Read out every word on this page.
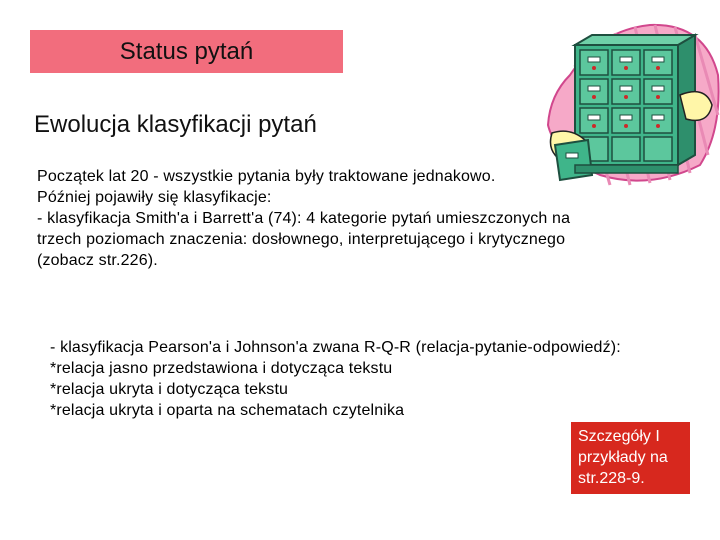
Status pytań
Ewolucja klasyfikacji pytań
Początek lat 20 - wszystkie pytania były traktowane jednakowo.
Później pojawiły się klasyfikacje:
- klasyfikacja Smith'a i Barrett'a (74): 4 kategorie pytań umieszczonych na
trzech poziomach znaczenia: dosłownego, interpretującego i krytycznego
(zobacz str.226).
- klasyfikacja Pearson'a i Johnson'a zwana R-Q-R (relacja-pytanie-odpowiedź):
*relacja jasno przedstawiona i dotycząca tekstu
*relacja ukryta i dotycząca tekstu
*relacja ukryta i oparta na schematach czytelnika
Szczegóły I
przykłady na
str.228-9.
